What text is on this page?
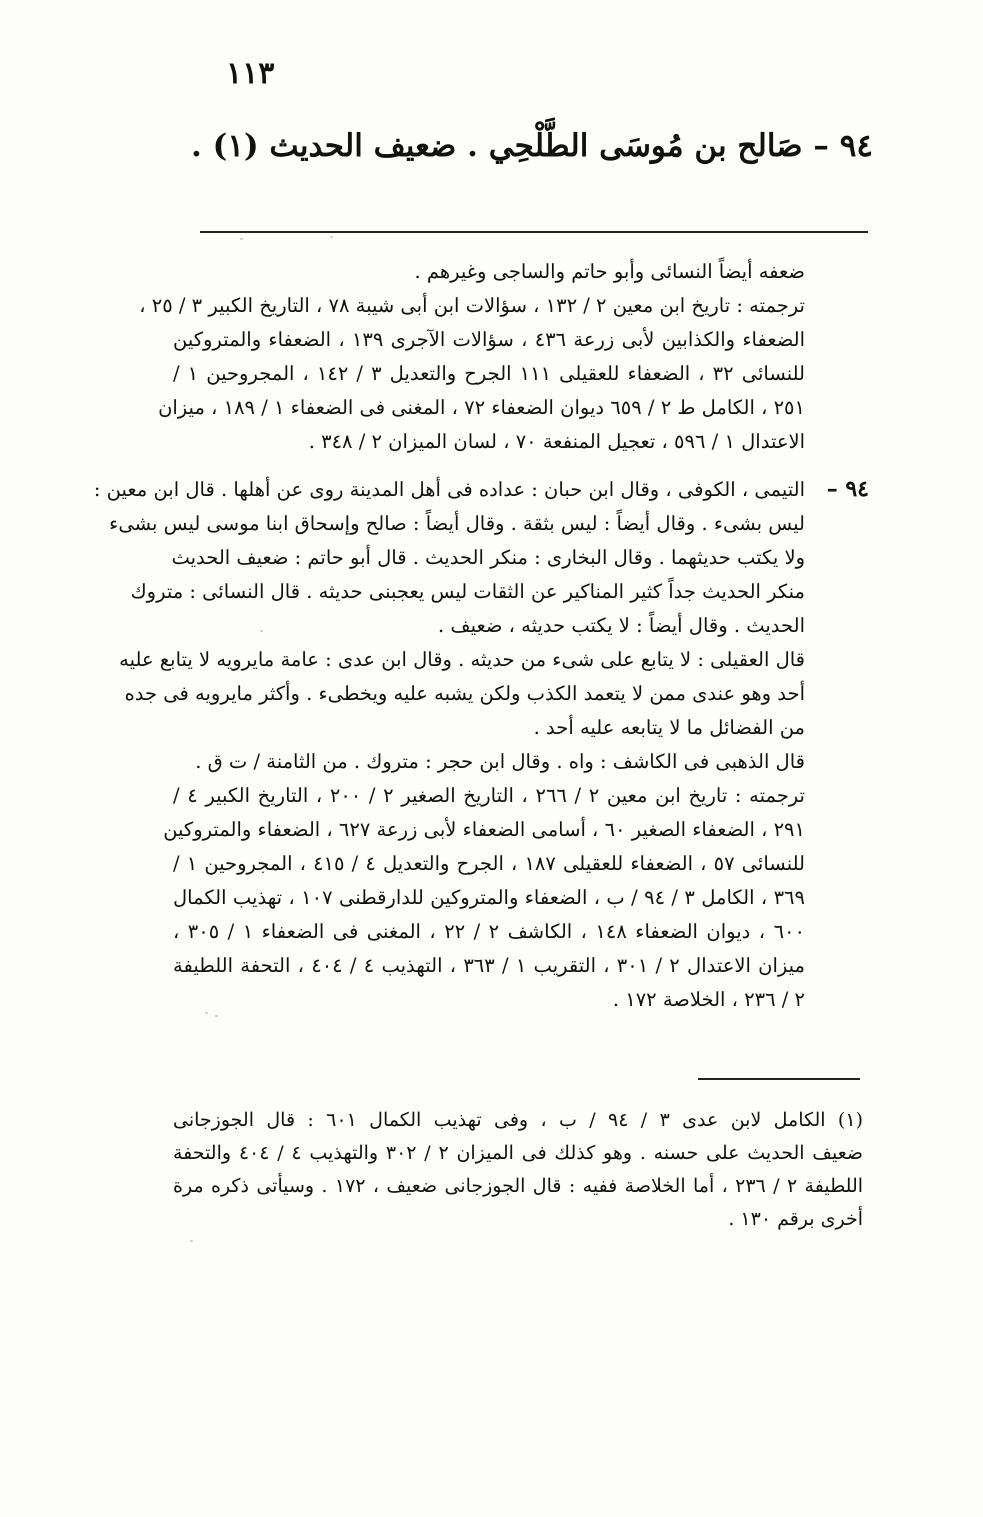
١١٣
٩٤ – صَالح بن مُوسَى الطَّلْحِي . ضعيف الحديث (١) .
ضعفه أيضاً النسائى وأبو حاتم والساجى وغيرهم .
ترجمته : تاريخ ابن معين ٢ / ١٣٢ ، سؤالات ابن أبى شيبة ٧٨ ، التاريخ الكبير ٣ / ٢٥ ،
الضعفاء والكذابين لأبى زرعة ٤٣٦ ، سؤالات الآجرى ١٣٩ ، الضعفاء والمتروكين
للنسائى ٣٢ ، الضعفاء للعقيلى ١١١ الجرح والتعديل ٣ / ١٤٢ ، المجروحين ١ /
٢٥١ ، الكامل ط ٢ / ٦٥٩ ديوان الضعفاء ٧٢ ، المغنى فى الضعفاء ١ / ١٨٩ ، ميزان
الاعتدال ١ / ٥٩٦ ، تعجيل المنفعة ٧٠ ، لسان الميزان ٢ / ٣٤٨ .
٩٤ –
التيمى ، الكوفى ، وقال ابن حبان : عداده فى أهل المدينة روى عن أهلها . قال ابن معين :
ليس بشىء . وقال أيضاً : ليس بثقة . وقال أيضاً : صالح وإسحاق ابنا موسى ليس بشىء
ولا يكتب حديثهما . وقال البخارى : منكر الحديث . قال أبو حاتم : ضعيف الحديث
منكر الحديث جداً كثير المناكير عن الثقات ليس يعجبنى حديثه . قال النسائى : متروك
الحديث . وقال أيضاً : لا يكتب حديثه ، ضعيف .
قال العقيلى : لا يتابع على شىء من حديثه . وقال ابن عدى : عامة مايرويه لا يتابع عليه
أحد وهو عندى ممن لا يتعمد الكذب ولكن يشبه عليه ويخطىء . وأكثر مايرويه فى جده
من الفضائل ما لا يتابعه عليه أحد .
قال الذهبى فى الكاشف : واه . وقال ابن حجر : متروك . من الثامنة / ت ق .
ترجمته : تاريخ ابن معين ٢ / ٢٦٦ ، التاريخ الصغير ٢ / ٢٠٠ ، التاريخ الكبير ٤ /
٢٩١ ، الضعفاء الصغير ٦٠ ، أسامى الضعفاء لأبى زرعة ٦٢٧ ، الضعفاء والمتروكين
للنسائى ٥٧ ، الضعفاء للعقيلى ١٨٧ ، الجرح والتعديل ٤ / ٤١٥ ، المجروحين ١ /
٣٦٩ ، الكامل ٣ / ٩٤ / ب ، الضعفاء والمتروكين للدارقطنى ١٠٧ ، تهذيب الكمال
٦٠٠ ، ديوان الضعفاء ١٤٨ ، الكاشف ٢ / ٢٢ ، المغنى فى الضعفاء ١ / ٣٠٥ ،
ميزان الاعتدال ٢ / ٣٠١ ، التقريب ١ / ٣٦٣ ، التهذيب ٤ / ٤٠٤ ، التحفة اللطيفة
٢ / ٢٣٦ ، الخلاصة ١٧٢ .
(١) الكامل لابن عدى ٣ / ٩٤ / ب ، وفى تهذيب الكمال ٦٠١ : قال الجوزجانى
ضعيف الحديث على حسنه . وهو كذلك فى الميزان ٢ / ٣٠٢ والتهذيب ٤ / ٤٠٤ والتحفة
اللطيفة ٢ / ٢٣٦ ، أما الخلاصة ففيه : قال الجوزجانى ضعيف ، ١٧٢ . وسيأتى ذكره مرة
أخرى برقم ١٣٠ .
